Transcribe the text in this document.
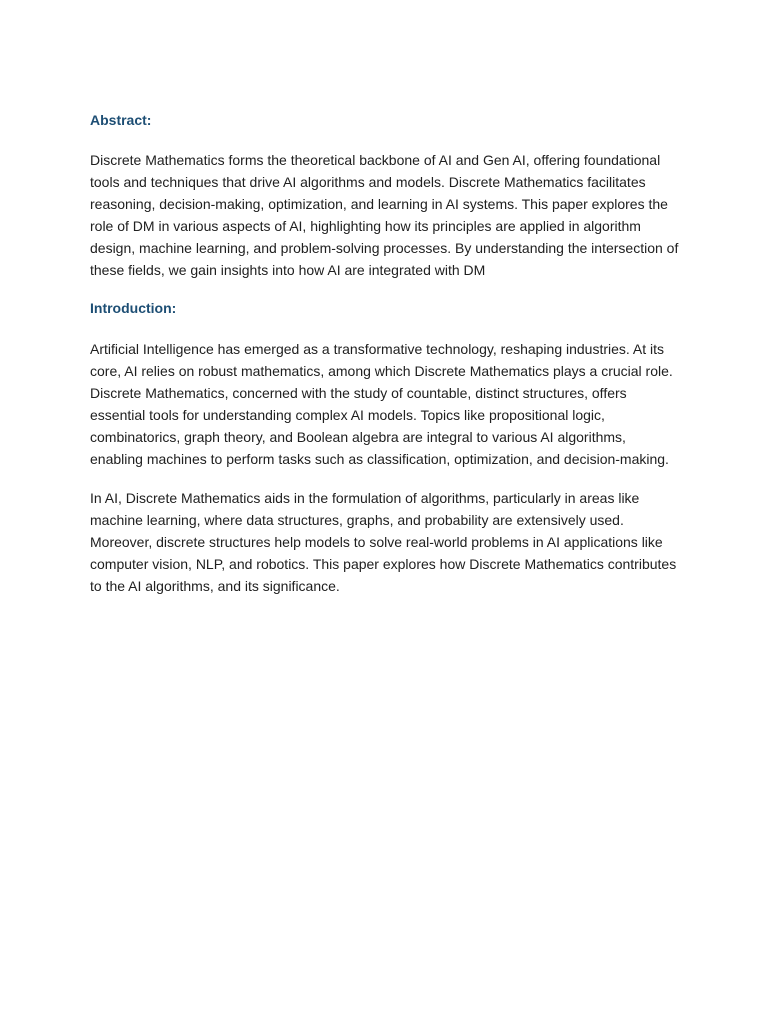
Abstract:

Discrete Mathematics forms the theoretical backbone of AI and Gen AI, offering foundational tools and techniques that drive AI algorithms and models. Discrete Mathematics facilitates reasoning, decision-making, optimization, and learning in AI systems. This paper explores the role of DM in various aspects of AI, highlighting how its principles are applied in algorithm design, machine learning, and problem-solving processes. By understanding the intersection of these fields, we gain insights into how AI are integrated with DM

Introduction:

Artificial Intelligence has emerged as a transformative technology, reshaping industries. At its core, AI relies on robust mathematics, among which Discrete Mathematics plays a crucial role. Discrete Mathematics, concerned with the study of countable, distinct structures, offers essential tools for understanding complex AI models. Topics like propositional logic, combinatorics, graph theory, and Boolean algebra are integral to various AI algorithms, enabling machines to perform tasks such as classification, optimization, and decision-making.

In AI, Discrete Mathematics aids in the formulation of algorithms, particularly in areas like machine learning, where data structures, graphs, and probability are extensively used. Moreover, discrete structures help models to solve real-world problems in AI applications like computer vision, NLP, and robotics. This paper explores how Discrete Mathematics contributes to the AI algorithms, and its significance.
